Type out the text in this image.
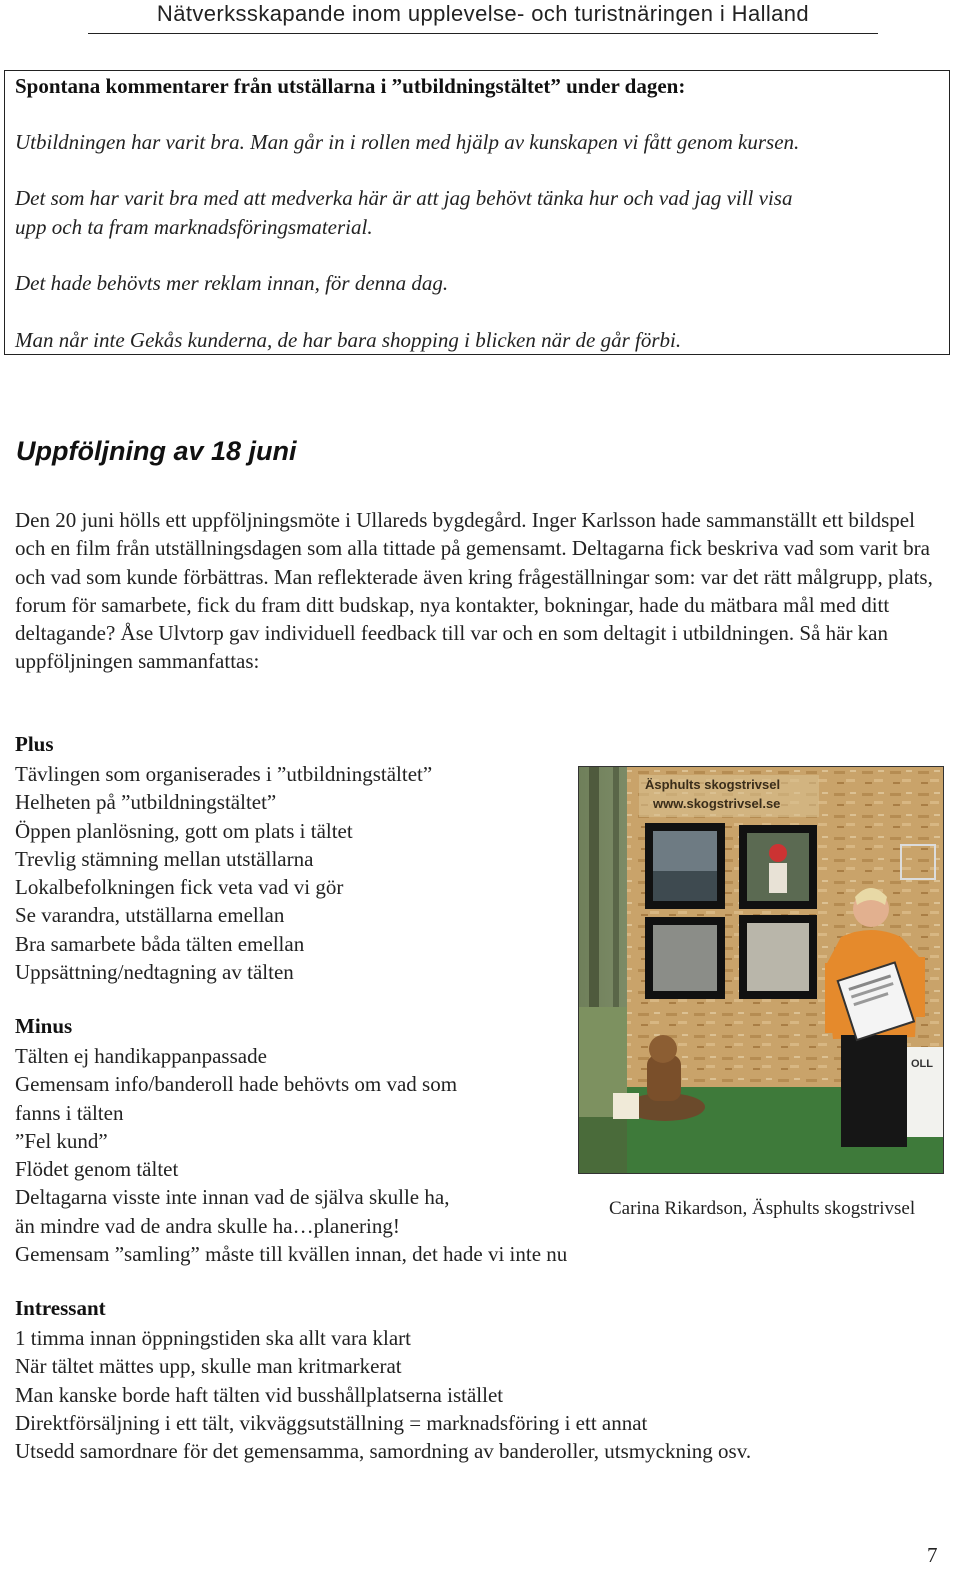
Nätverksskapande inom upplevelse- och turistnäringen i Halland

Spontana kommentarer från utställarna i ”utbildningstältet” under dagen:

Utbildningen har varit bra. Man går in i rollen med hjälp av kunskapen vi fått genom kursen.

Det som har varit bra med att medverka här är att jag behövt tänka hur och vad jag vill visa

upp och ta fram marknadsföringsmaterial.

Det hade behövts mer reklam innan, för denna dag.

Man når inte Gekås kunderna, de har bara shopping i blicken när de går förbi.

Uppföljning av 18 juni

Den 20 juni hölls ett uppföljningsmöte i Ullareds bygdegård. Inger Karlsson hade sammanställt ett bildspel och en film från utställningsdagen som alla tittade på gemensamt. Deltagarna fick beskriva vad som varit bra och vad som kunde förbättras. Man reflekterade även kring frågeställningar som: var det rätt målgrupp, plats, forum för samarbete, fick du fram ditt budskap, nya kontakter, bokningar, hade du mätbara mål med ditt deltagande? Åse Ulvtorp gav individuell feedback till var och en som deltagit i utbildningen. Så här kan uppföljningen sammanfattas:

Plus

Tävlingen som organiserades i ”utbildningstältet”
Helheten på ”utbildningstältet”
Öppen planlösning, gott om plats i tältet
Trevlig stämning mellan utställarna
Lokalbefolkningen fick veta vad vi gör
Se varandra, utställarna emellan
Bra samarbete båda tälten emellan
Uppsättning/nedtagning av tälten

Minus

Tälten ej handikappanpassade
Gemensam info/banderoll hade behövts om vad som
fanns i tälten
”Fel kund”
Flödet genom tältet
Deltagarna visste inte innan vad de själva skulle ha,
än mindre vad de andra skulle ha…planering!
Gemensam ”samling” måste till kvällen innan, det hade vi inte nu

Intressant

1 timma innan öppningstiden ska allt vara klart
När tältet mättes upp, skulle man kritmarkerat
Man kanske borde haft tälten vid busshållplatserna istället
Direktförsäljning i ett tält, vikväggsutställning = marknadsföring i ett annat
Utsedd samordnare för det gemensamma, samordning av banderoller, utsmyckning osv.
Äsphults skogstrivsel
www.skogstrivsel.se
OLL

Carina Rikardson, Äsphults skogstrivsel

7
